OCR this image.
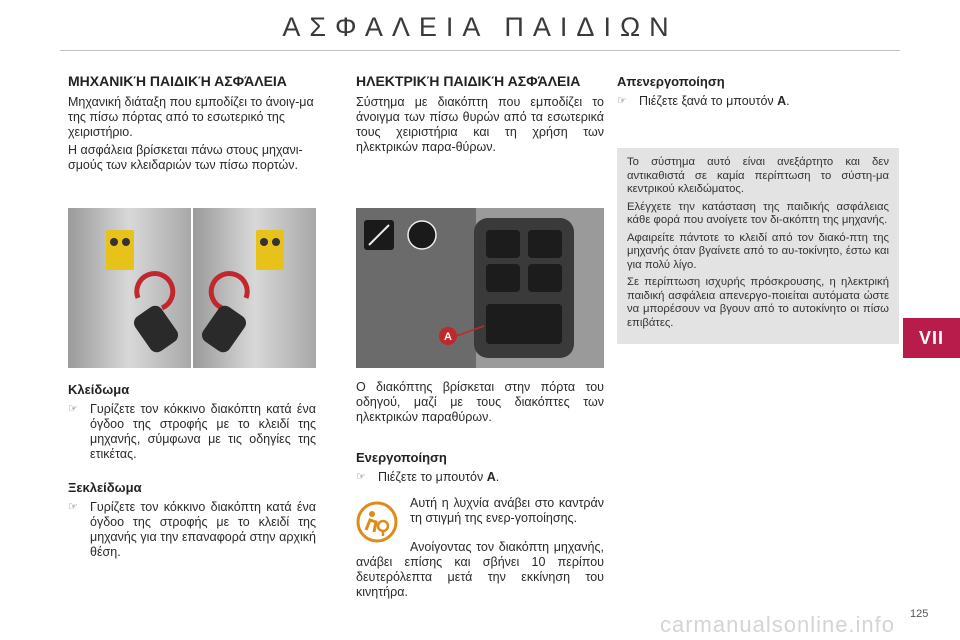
ΑΣΦΑΛΕΙΑ ΠΑΙΔΙΩΝ
ΜΗΧΑΝΙΚΉ ΠΑΙΔΙΚΉ ΑΣΦΆΛΕΙΑ

Μηχανική διάταξη που εμποδίζει το άνοιγ-μα της πίσω πόρτας από το εσωτερικό της χειριστήριο.

Η ασφάλεια βρίσκεται πάνω στους μηχανι-σμούς των κλειδαριών των πίσω πορτών.

Κλείδωμα
☞ Γυρίζετε τον κόκκινο διακόπτη κατά ένα όγδοο της στροφής με το κλειδί της μηχανής, σύμφωνα με τις οδηγίες της ετικέτας.
Ξεκλείδωμα
☞ Γυρίζετε τον κόκκινο διακόπτη κατά ένα όγδοο της στροφής με το κλειδί της μηχανής για την επαναφορά στην αρχική θέση.
ΗΛΕΚΤΡΙΚΉ ΠΑΙΔΙΚΉ ΑΣΦΆΛΕΙΑ

Σύστημα με διακόπτη που εμποδίζει το άνοιγμα των πίσω θυρών από τα εσωτερικά τους χειριστήρια και τη χρήση των ηλεκτρικών παρα-θύρων.

A

Ο διακόπτης βρίσκεται στην πόρτα του οδηγού, μαζί με τους διακόπτες των ηλεκτρικών παραθύρων.

Ενεργοποίηση
☞ Πιέζετε το μπουτόν A.

Αυτή η λυχνία ανάβει στο καντράν τη στιγμή της ενερ-γοποίησης.

Ανοίγοντας τον διακόπτη μηχανής, ανάβει επίσης και σβήνει 10 περίπου δευτερόλεπτα μετά την εκκίνηση του κινητήρα.

Απενεργοποίηση
☞ Πιέζετε ξανά το μπουτόν A.

Το σύστημα αυτό είναι ανεξάρτητο και δεν αντικαθιστά σε καμία περίπτωση το σύστη-μα κεντρικού κλειδώματος.

Ελέγχετε την κατάσταση της παιδικής ασφάλειας κάθε φορά που ανοίγετε τον δι-ακόπτη της μηχανής.

Αφαιρείτε πάντοτε το κλειδί από τον διακό-πτη της μηχανής όταν βγαίνετε από το αυ-τοκίνητο, έστω και για πολύ λίγο.

Σε περίπτωση ισχυρής πρόσκρουσης, η ηλεκτρική παιδική ασφάλεια απενεργο-ποιείται αυτόματα ώστε να μπορέσουν να βγουν από το αυτοκίνητο οι πίσω επιβάτες.

VII
carmanualsonline.info 125
